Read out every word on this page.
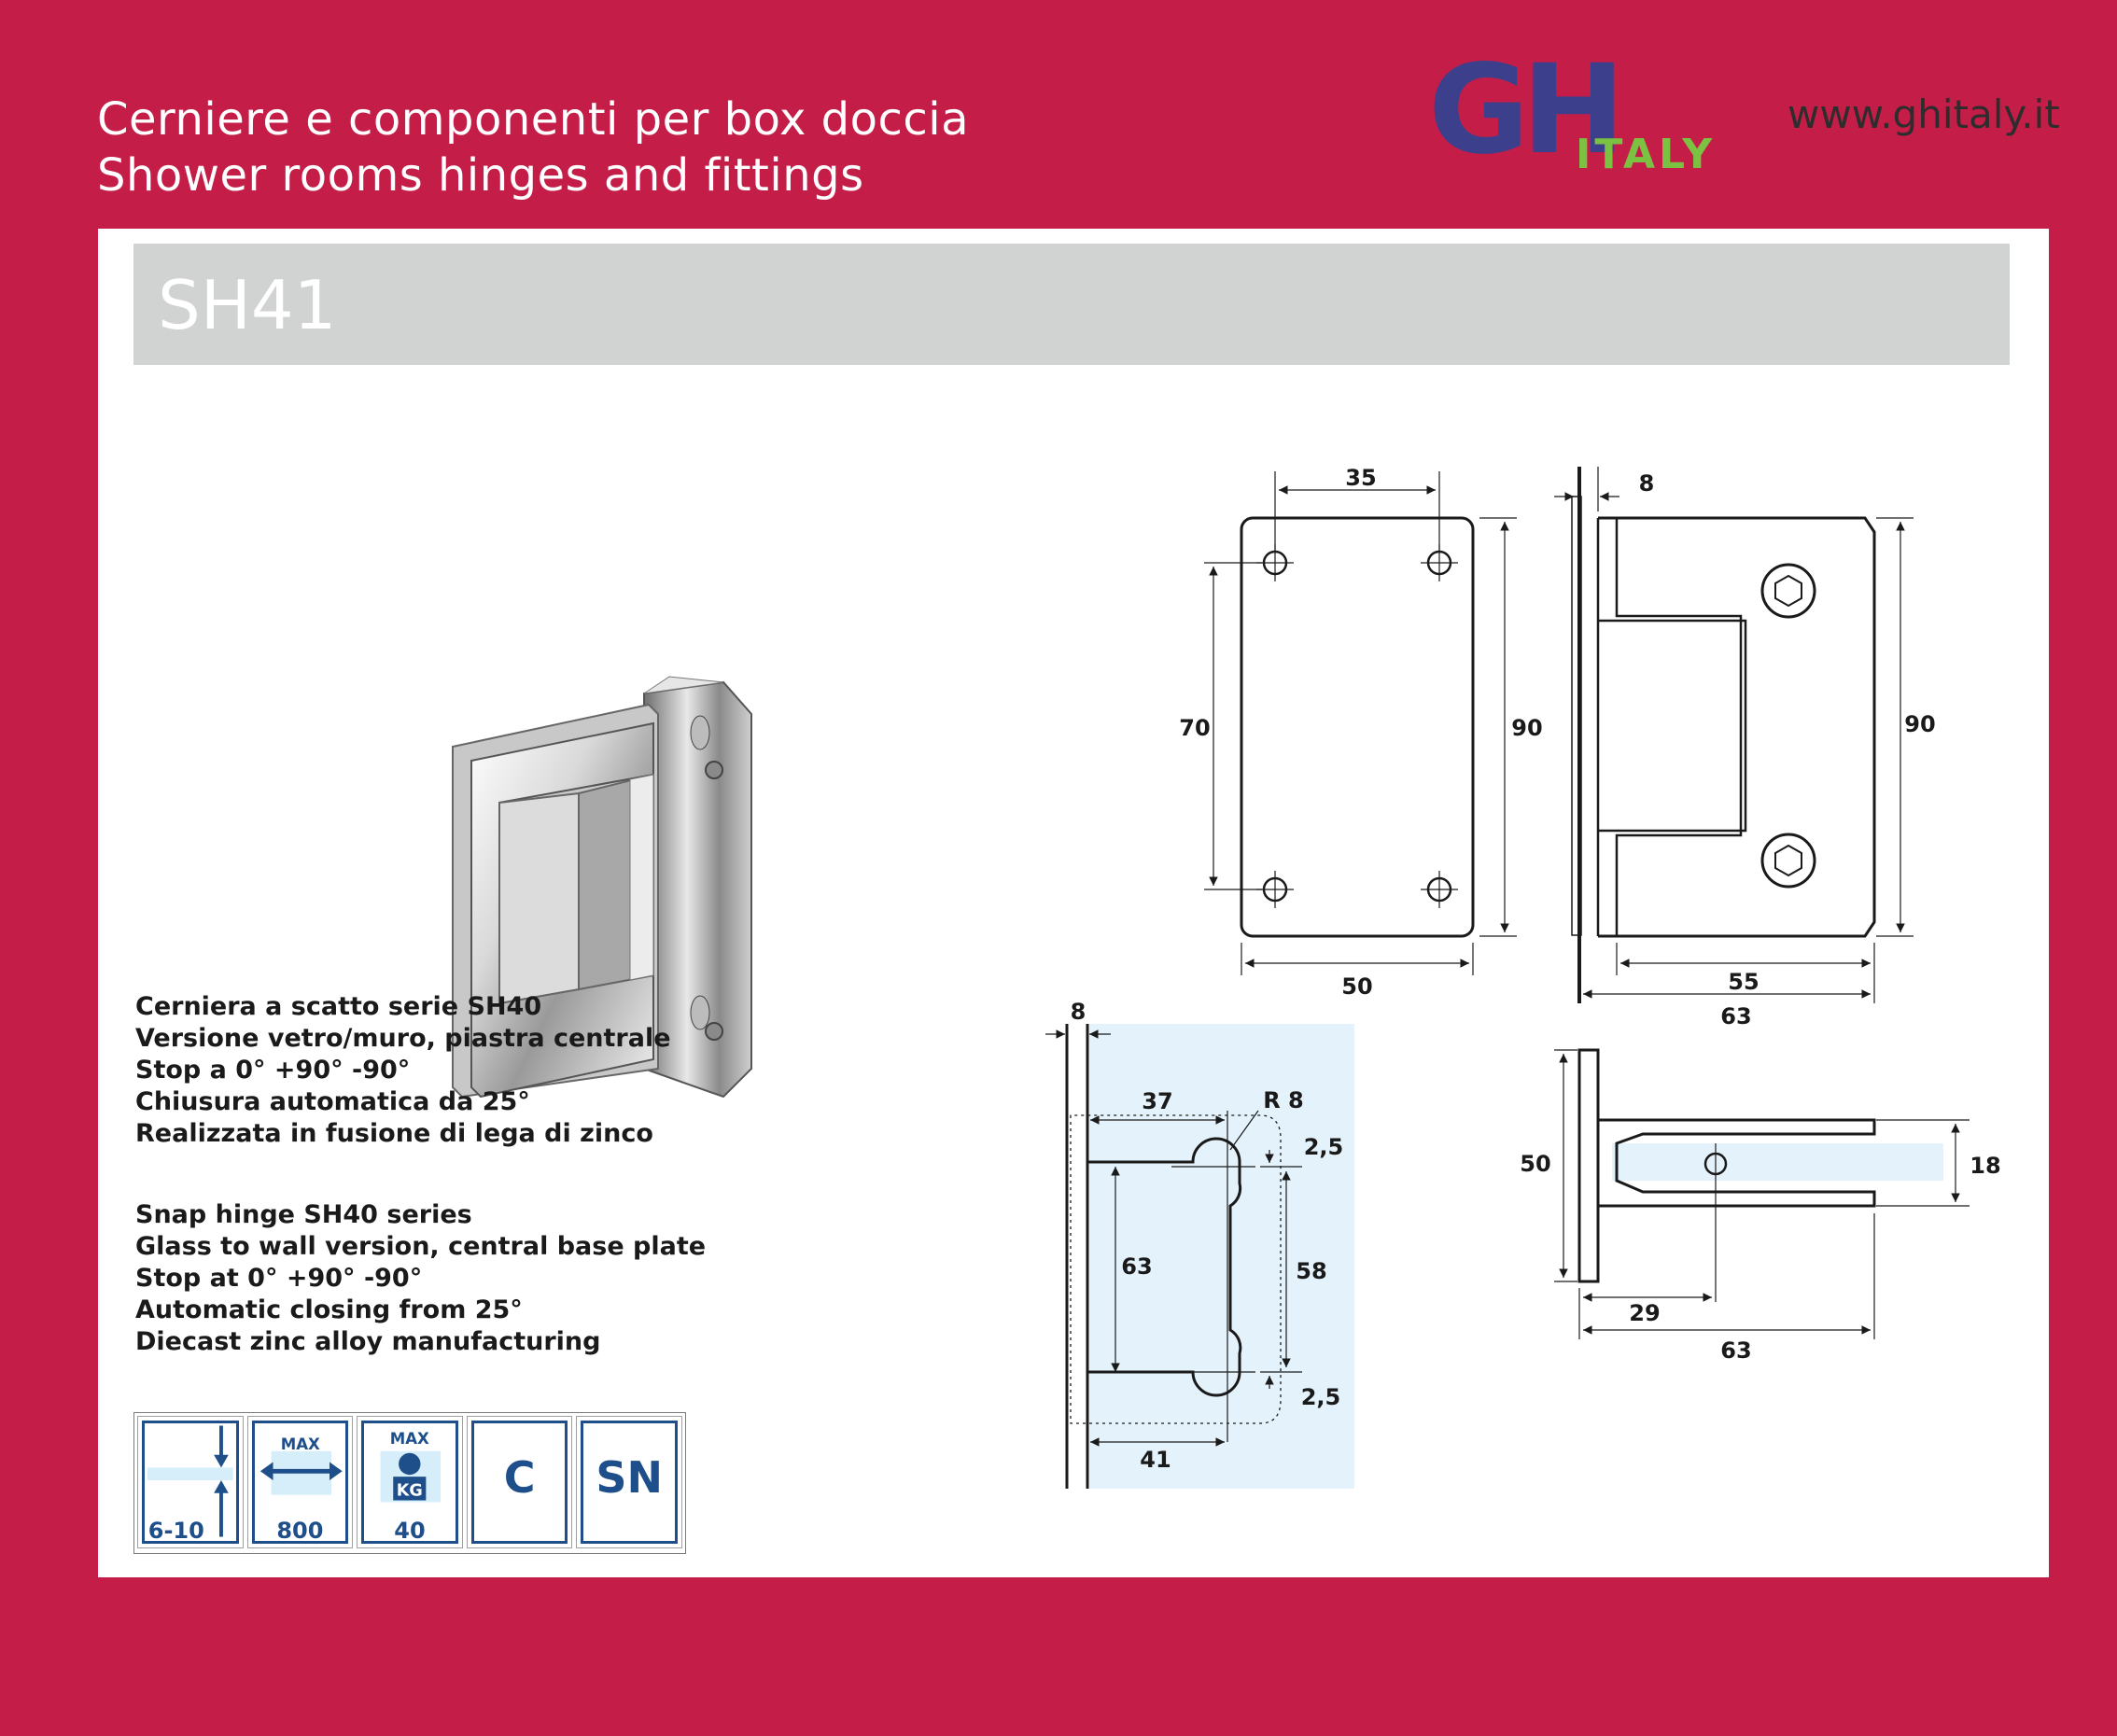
Cerniere e componenti per box doccia
Shower rooms hinges and fittings	GH
ITALY
www.ghitaly.it
SH41
Cerniera a scatto serie SH40
Versione vetro/muro, piastra centrale
Stop a 0° +90° -90°
Chiusura automatica da 25°
Realizzata in fusione di lega di zinco
Snap hinge SH40 series
Glass to wall version, central base plate
Stop at 0° +90° -90°
Automatic closing from 25°
Diecast zinc alloy manufacturing
6-10
MAX
800
MAX
KG
40
C	SN
35
70	90
50
8
90
55
63
8
37	R 8
2,5
63	58
2,5
41
50	18
29
63
